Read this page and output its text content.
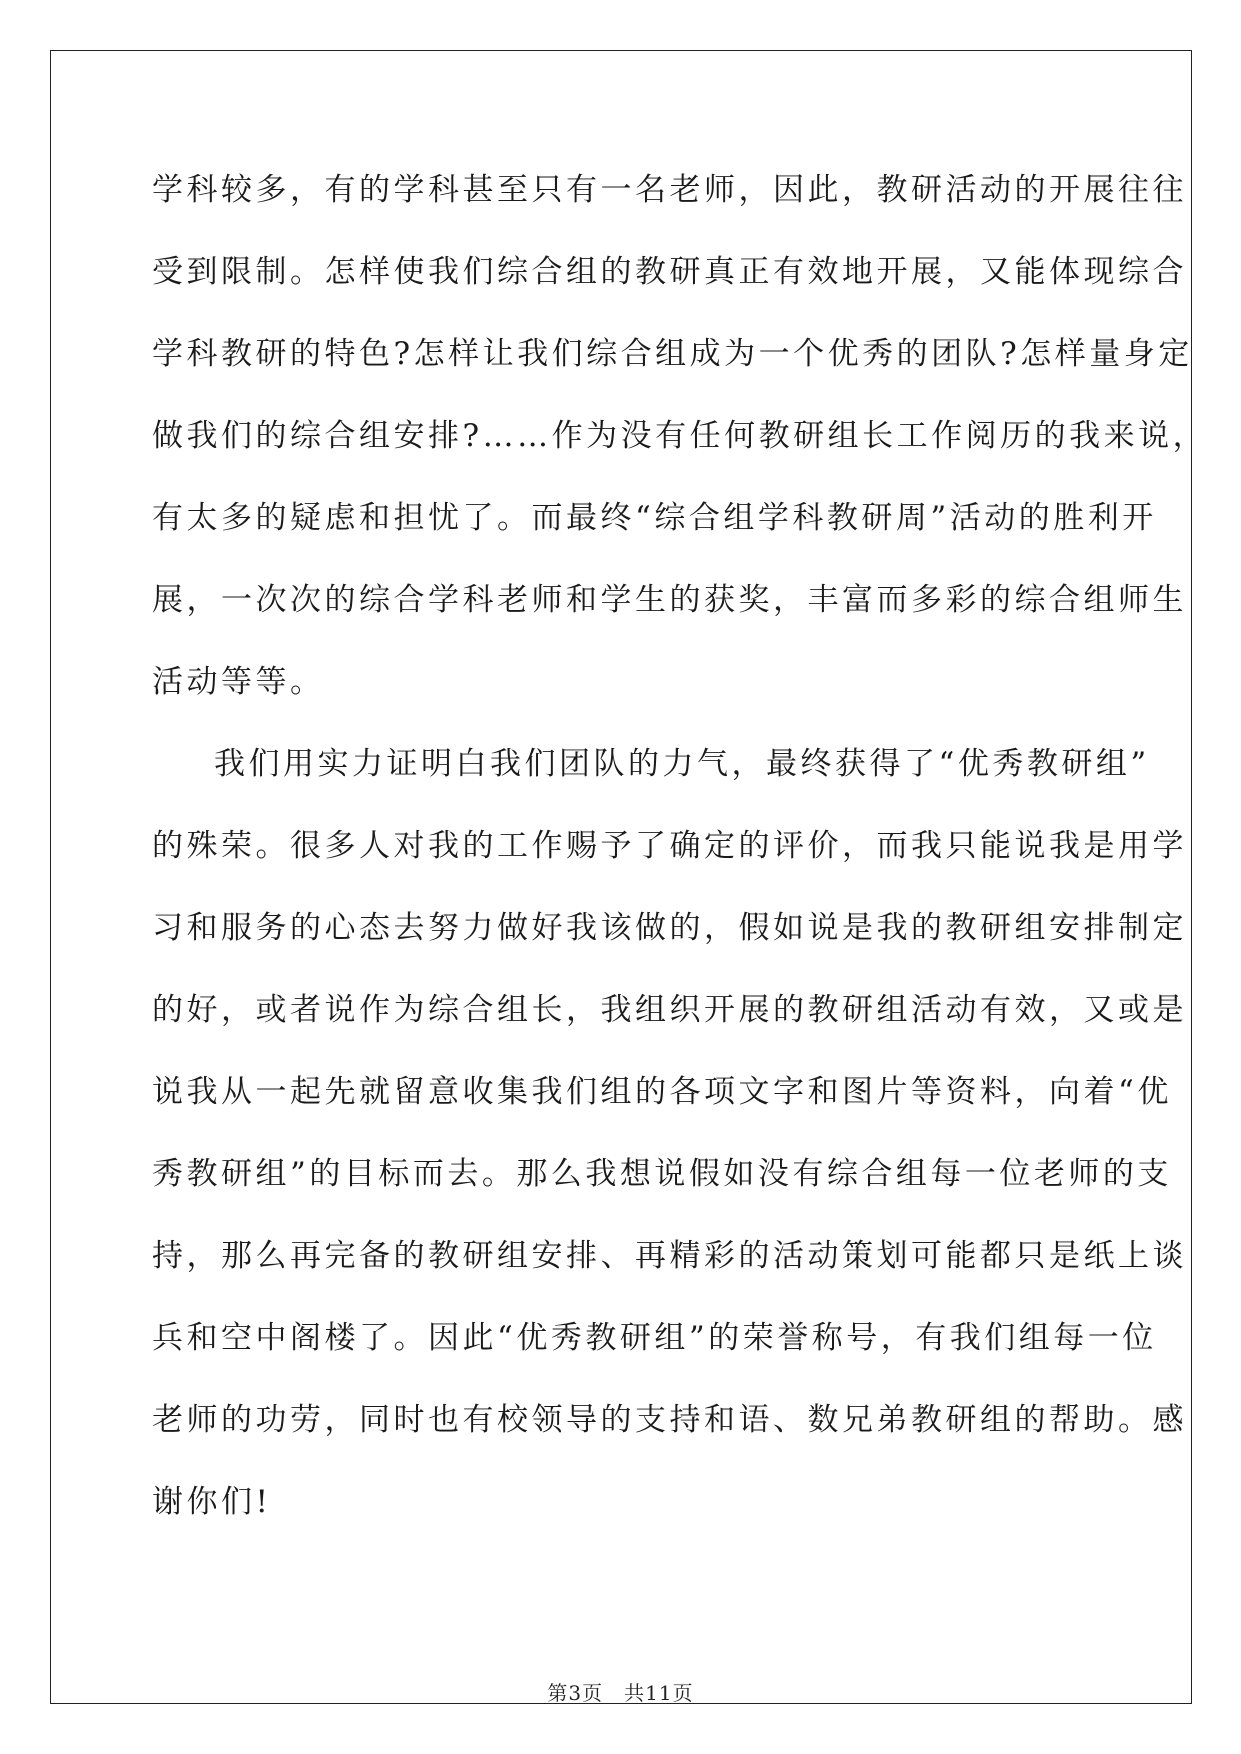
学科较多，有的学科甚至只有一名老师，因此，教研活动的开展往往
受到限制。怎样使我们综合组的教研真正有效地开展，又能体现综合
学科教研的特色?怎样让我们综合组成为一个优秀的团队?怎样量身定
做我们的综合组安排?……作为没有任何教研组长工作阅历的我来说，
有太多的疑虑和担忧了。而最终“综合组学科教研周”活动的胜利开
展，一次次的综合学科老师和学生的获奖，丰富而多彩的综合组师生
活动等等。
我们用实力证明白我们团队的力气，最终获得了“优秀教研组”
的殊荣。很多人对我的工作赐予了确定的评价，而我只能说我是用学
习和服务的心态去努力做好我该做的，假如说是我的教研组安排制定
的好，或者说作为综合组长，我组织开展的教研组活动有效，又或是
说我从一起先就留意收集我们组的各项文字和图片等资料，向着“优
秀教研组”的目标而去。那么我想说假如没有综合组每一位老师的支
持，那么再完备的教研组安排、再精彩的活动策划可能都只是纸上谈
兵和空中阁楼了。因此“优秀教研组”的荣誉称号，有我们组每一位
老师的功劳，同时也有校领导的支持和语、数兄弟教研组的帮助。感
谢你们!
第3页　共11页
